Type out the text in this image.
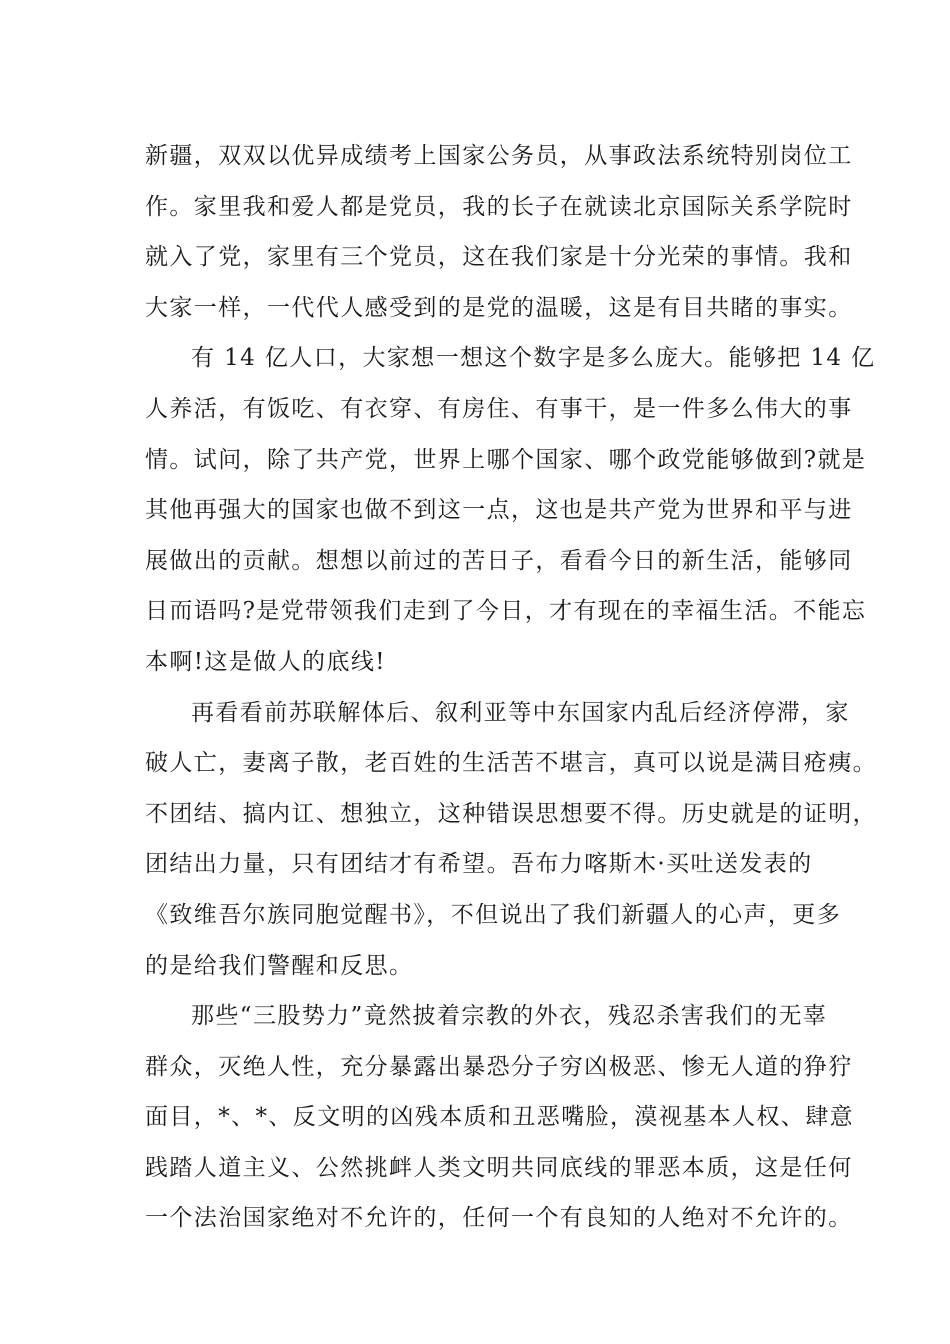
新疆，双双以优异成绩考上国家公务员，从事政法系统特别岗位工
作。家里我和爱人都是党员，我的长子在就读北京国际关系学院时
就入了党，家里有三个党员，这在我们家是十分光荣的事情。我和
大家一样，一代代人感受到的是党的温暖，这是有目共睹的事实。
有 14 亿人口，大家想一想这个数字是多么庞大。能够把 14 亿
人养活，有饭吃、有衣穿、有房住、有事干，是一件多么伟大的事
情。试问，除了共产党，世界上哪个国家、哪个政党能够做到?就是
其他再强大的国家也做不到这一点，这也是共产党为世界和平与进
展做出的贡献。想想以前过的苦日子，看看今日的新生活，能够同
日而语吗?是党带领我们走到了今日，才有现在的幸福生活。不能忘
本啊!这是做人的底线!
再看看前苏联解体后、叙利亚等中东国家内乱后经济停滞，家
破人亡，妻离子散，老百姓的生活苦不堪言，真可以说是满目疮痍。
不团结、搞内讧、想独立，这种错误思想要不得。历史就是的证明，
团结出力量，只有团结才有希望。吾布力喀斯木·买吐送发表的
《致维吾尔族同胞觉醒书》，不但说出了我们新疆人的心声，更多
的是给我们警醒和反思。
那些“三股势力”竟然披着宗教的外衣，残忍杀害我们的无辜
群众，灭绝人性，充分暴露出暴恐分子穷凶极恶、惨无人道的狰狞
面目，*、*、反文明的凶残本质和丑恶嘴脸，漠视基本人权、肆意
践踏人道主义、公然挑衅人类文明共同底线的罪恶本质，这是任何
一个法治国家绝对不允许的，任何一个有良知的人绝对不允许的。
